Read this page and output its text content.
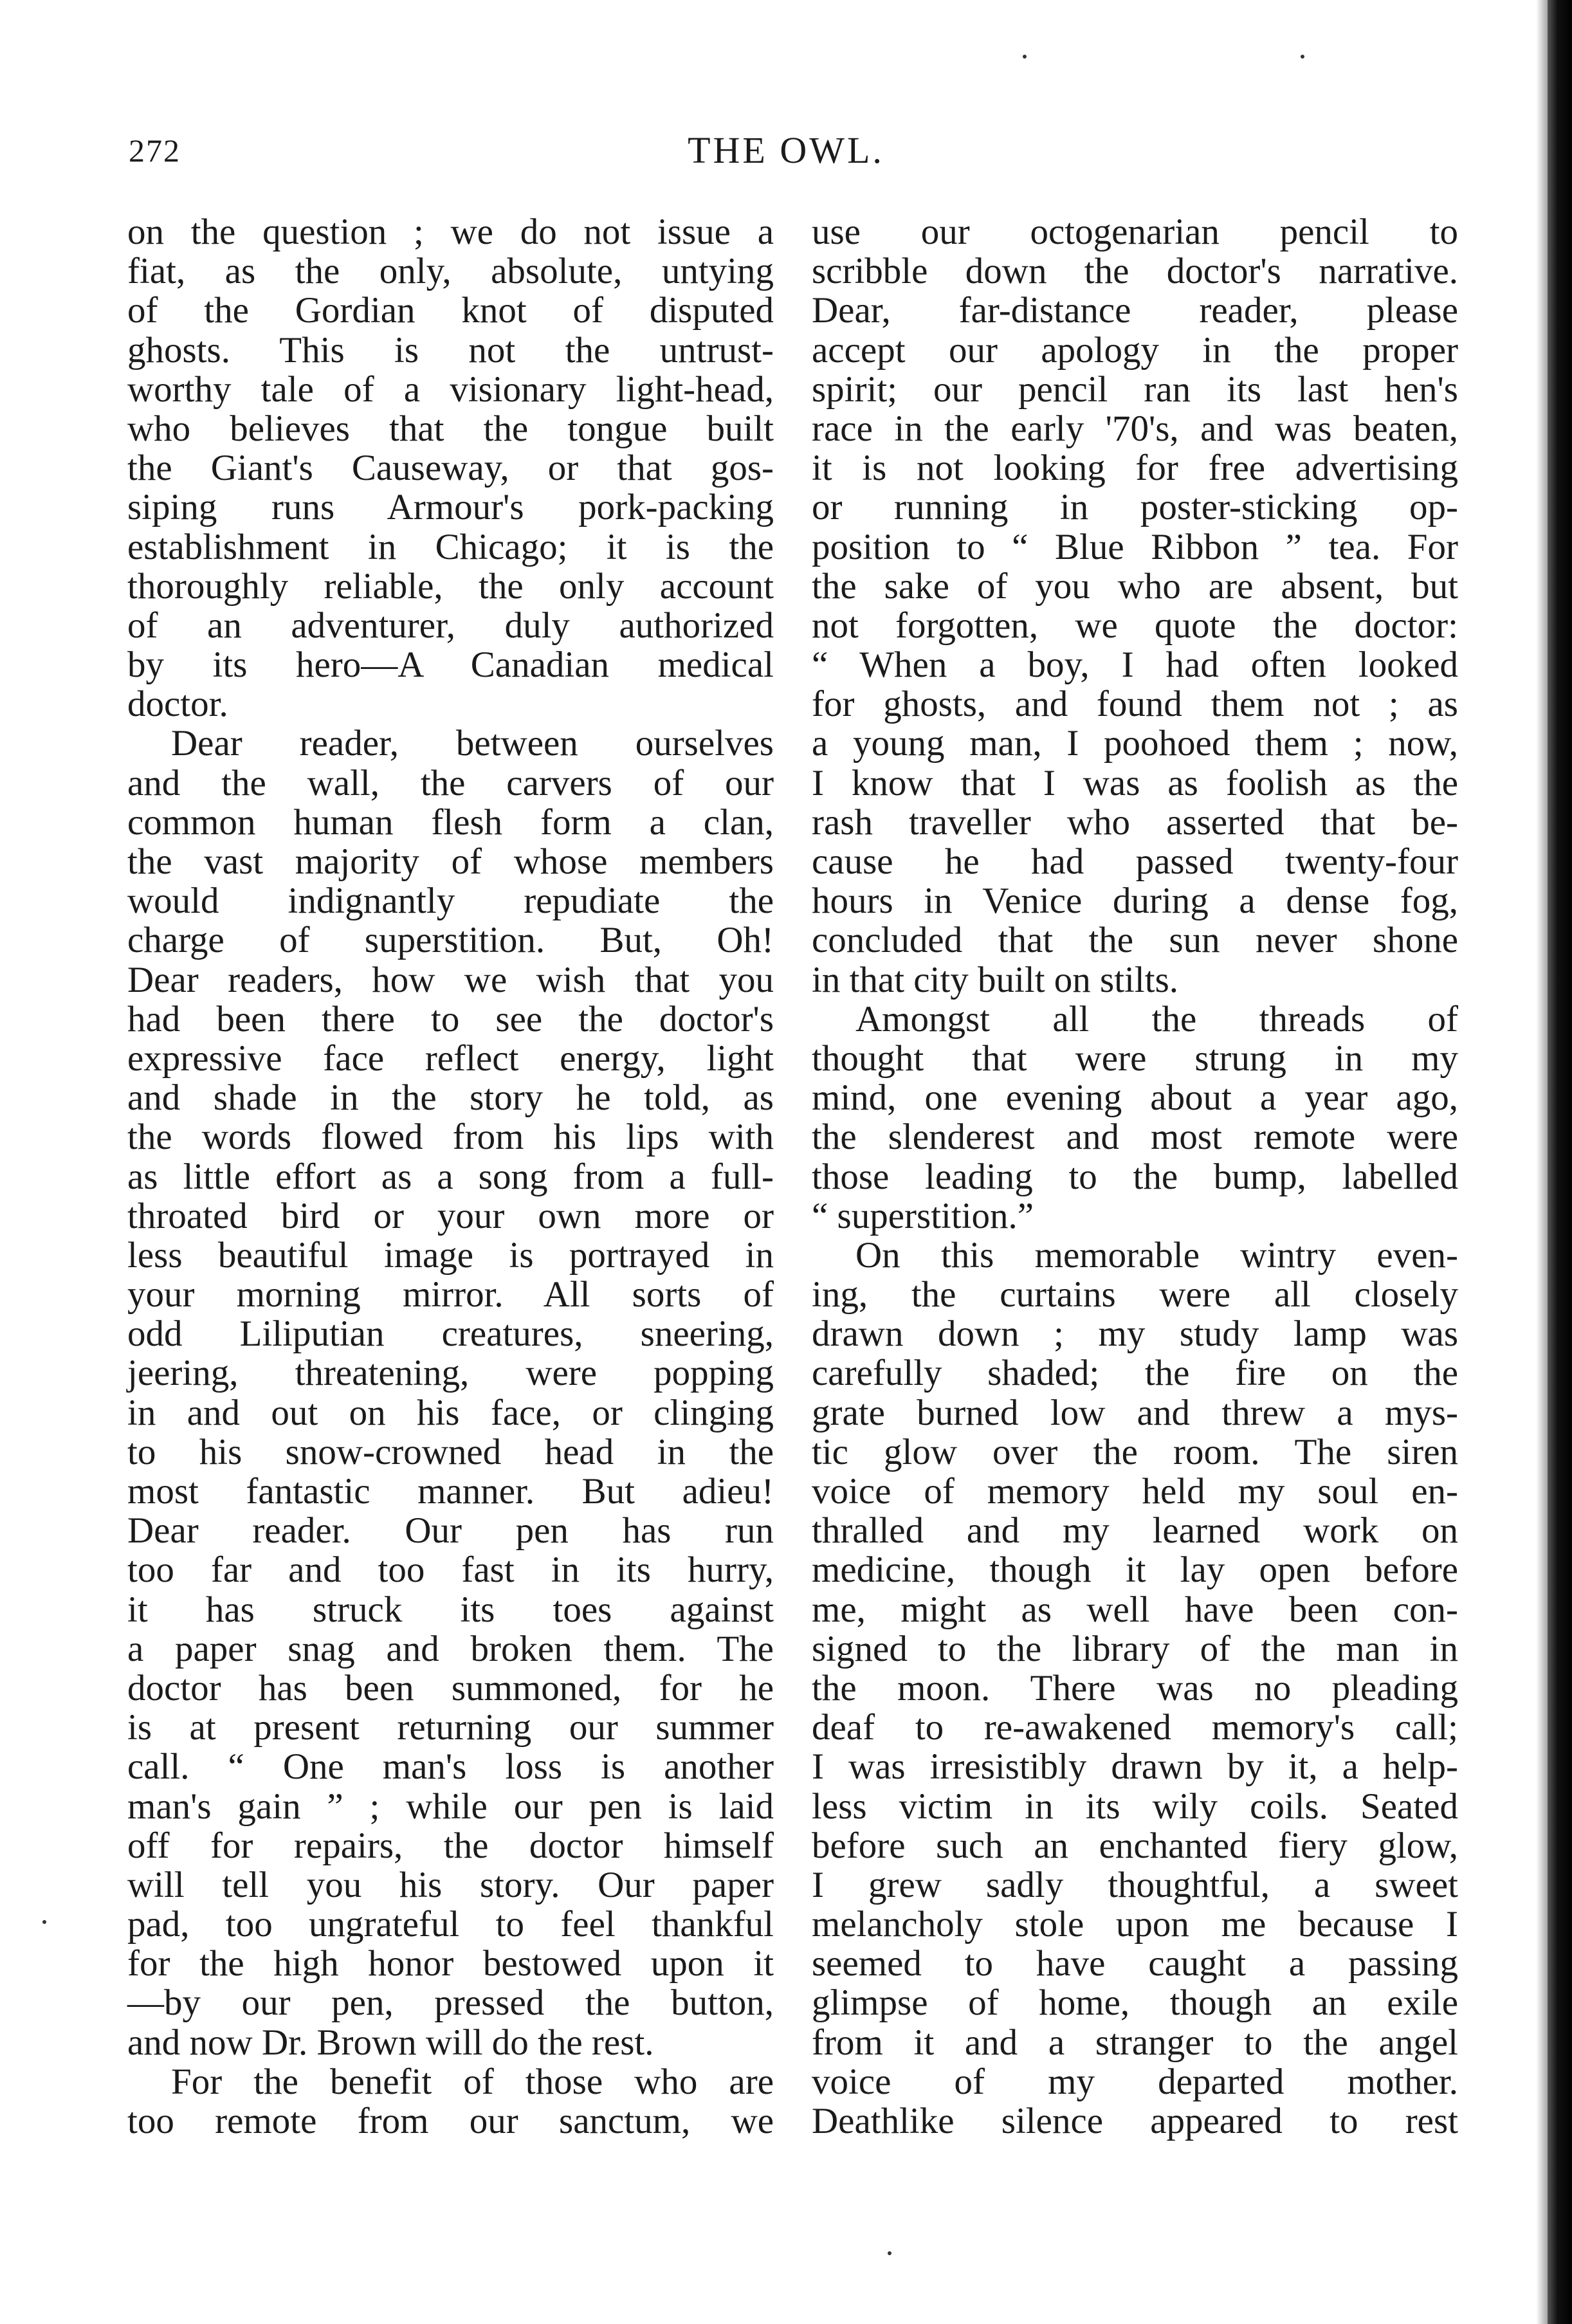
272	THE OWL.
on the question ; we do not issue a
fiat, as the only, absolute, untying
of the Gordian knot of disputed
ghosts. This is not the untrust-
worthy tale of a visionary light-head,
who believes that the tongue built
the Giant's Causeway, or that gos-
siping runs Armour's pork-packing
establishment in Chicago; it is the
thoroughly reliable, the only account
of an adventurer, duly authorized
by its hero—A Canadian medical
doctor.
Dear reader, between ourselves
and the wall, the carvers of our
common human flesh form a clan,
the vast majority of whose members
would indignantly repudiate the
charge of superstition. But, Oh!
Dear readers, how we wish that you
had been there to see the doctor's
expressive face reflect energy, light
and shade in the story he told, as
the words flowed from his lips with
as little effort as a song from a full-
throated bird or your own more or
less beautiful image is portrayed in
your morning mirror. All sorts of
odd Liliputian creatures, sneering,
jeering, threatening, were popping
in and out on his face, or clinging
to his snow-crowned head in the
most fantastic manner. But adieu!
Dear reader. Our pen has run
too far and too fast in its hurry,
it has struck its toes against
a paper snag and broken them. The
doctor has been summoned, for he
is at present returning our summer
call. “ One man's loss is another
man's gain ” ; while our pen is laid
off for repairs, the doctor himself
will tell you his story. Our paper
pad, too ungrateful to feel thankful
for the high honor bestowed upon it
—by our pen, pressed the button,
and now Dr. Brown will do the rest.
For the benefit of those who are
too remote from our sanctum, we
use our octogenarian pencil to
scribble down the doctor's narrative.
Dear, far-distance reader, please
accept our apology in the proper
spirit; our pencil ran its last hen's
race in the early '70's, and was beaten,
it is not looking for free advertising
or running in poster-sticking op-
position to “ Blue Ribbon ” tea. For
the sake of you who are absent, but
not forgotten, we quote the doctor:
“ When a boy, I had often looked
for ghosts, and found them not ; as
a young man, I poohoed them ; now,
I know that I was as foolish as the
rash traveller who asserted that be-
cause he had passed twenty-four
hours in Venice during a dense fog,
concluded that the sun never shone
in that city built on stilts.
Amongst all the threads of
thought that were strung in my
mind, one evening about a year ago,
the slenderest and most remote were
those leading to the bump, labelled
“ superstition.”
On this memorable wintry even-
ing, the curtains were all closely
drawn down ; my study lamp was
carefully shaded; the fire on the
grate burned low and threw a mys-
tic glow over the room. The siren
voice of memory held my soul en-
thralled and my learned work on
medicine, though it lay open before
me, might as well have been con-
signed to the library of the man in
the moon. There was no pleading
deaf to re-awakened memory's call;
I was irresistibly drawn by it, a help-
less victim in its wily coils. Seated
before such an enchanted fiery glow,
I grew sadly thoughtful, a sweet
melancholy stole upon me because I
seemed to have caught a passing
glimpse of home, though an exile
from it and a stranger to the angel
voice of my departed mother.
Deathlike silence appeared to rest
